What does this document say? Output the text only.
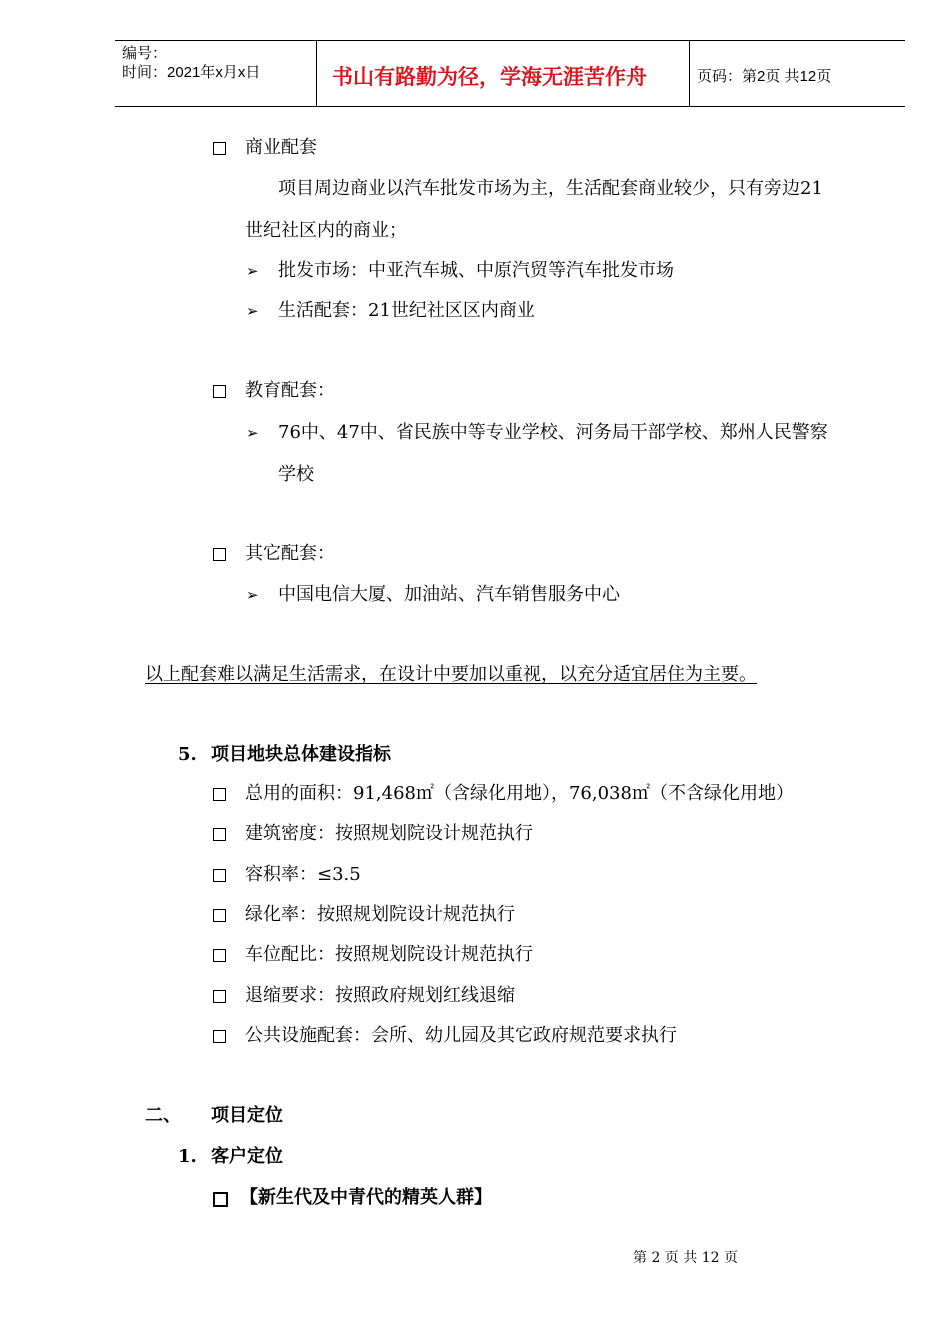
编号：
时间：2021年x月x日	书山有路勤为径，学海无涯苦作舟	页码：第2页 共12页
商业配套
项目周边商业以汽车批发市场为主，生活配套商业较少，只有旁边21
世纪社区内的商业；
➢ 批发市场：中亚汽车城、中原汽贸等汽车批发市场
➢ 生活配套：21世纪社区区内商业
教育配套：
➢ 76中、47中、省民族中等专业学校、河务局干部学校、郑州人民警察
学校
其它配套：
➢ 中国电信大厦、加油站、汽车销售服务中心
以上配套难以满足生活需求，在设计中要加以重视，以充分适宜居住为主要。
5. 项目地块总体建设指标
总用的面积：91,468㎡（含绿化用地），76,038㎡（不含绿化用地）
建筑密度：按照规划院设计规范执行
容积率：≤3.5
绿化率：按照规划院设计规范执行
车位配比：按照规划院设计规范执行
退缩要求：按照政府规划红线退缩
公共设施配套：会所、幼儿园及其它政府规范要求执行
二、 项目定位
1. 客户定位
【新生代及中青代的精英人群】
第 2 页 共 12 页
